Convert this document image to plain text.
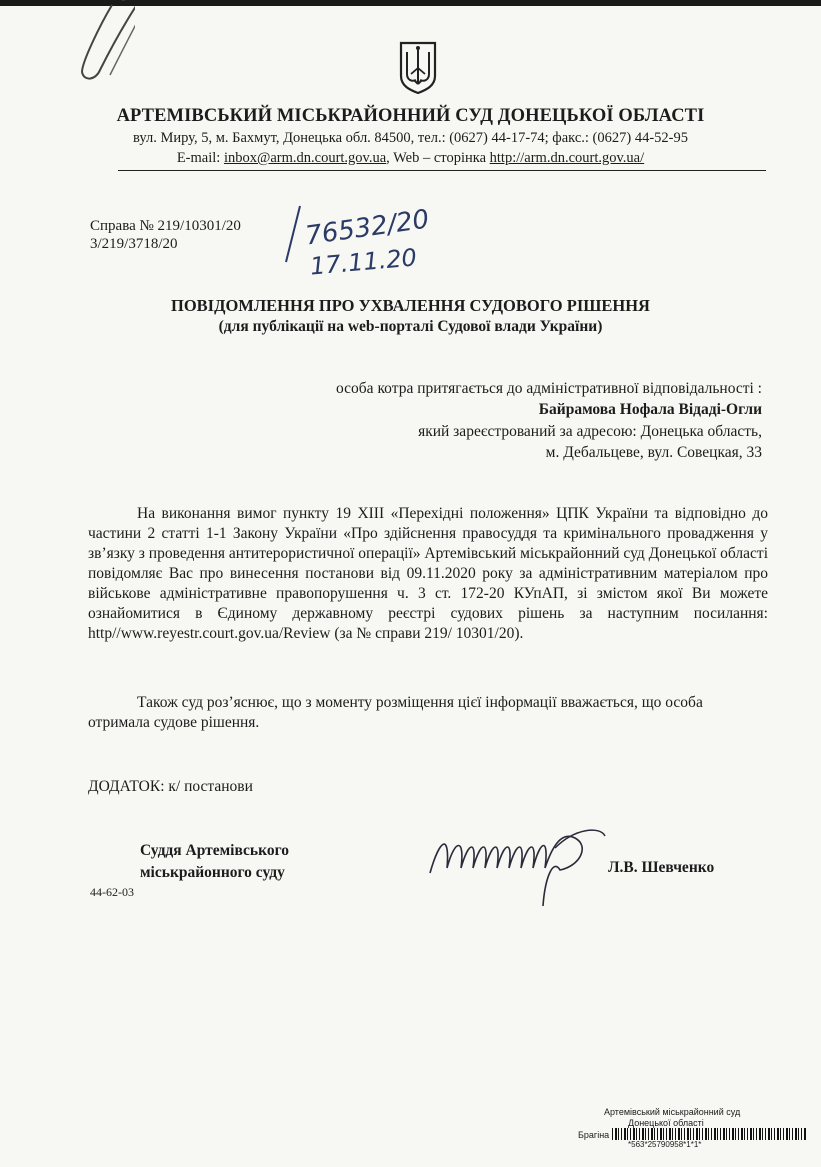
АРТЕМІВСЬКИЙ МІСЬКРАЙОННИЙ СУД ДОНЕЦЬКОЇ ОБЛАСТІ
вул. Миру, 5, м. Бахмут, Донецька обл. 84500, тел.: (0627) 44-17-74; факс.: (0627) 44-52-95
E-mail: inbox@arm.dn.court.gov.ua, Web – сторінка http://arm.dn.court.gov.ua/
Справа № 219/10301/20
3/219/3718/20	76532/20
17.11.20
ПОВІДОМЛЕННЯ ПРО УХВАЛЕННЯ СУДОВОГО РІШЕННЯ
(для публікації на web-порталі Судової влади України)
особа котра притягається до адміністративної відповідальності :
Байрамова Нофала Відаді-Огли
який зареєстрований за адресою: Донецька область,
м. Дебальцеве, вул. Совецкая, 33
На виконання вимог пункту 19 ХІІІ «Перехідні положення» ЦПК України та відповідно до частини 2 статті 1-1 Закону України «Про здійснення правосуддя та кримінального провадження у зв’язку з проведення антитерористичної операції» Артемівський міськрайонний суд Донецької області повідомляє Вас про винесення постанови від 09.11.2020 року за адміністративним матеріалом про військове адміністративне правопорушення ч. 3 ст. 172-20 КУпАП, зі змістом якої Ви можете ознайомитися в Єдиному державному реєстрі судових рішень за наступним посилання: http//www.reyestr.court.gov.ua/Review (за № справи 219/ 10301/20).
Також суд роз’яснює, що з моменту розміщення цієї інформації вважається, що особа отримала судове рішення.
ДОДАТОК: к/ постанови
Суддя Артемівського
міськрайонного суду
44-62-03
Л.В. Шевченко
Артемівський міськрайонний суд
Донецької області
Брагіна
*563*25790958*1*1*
